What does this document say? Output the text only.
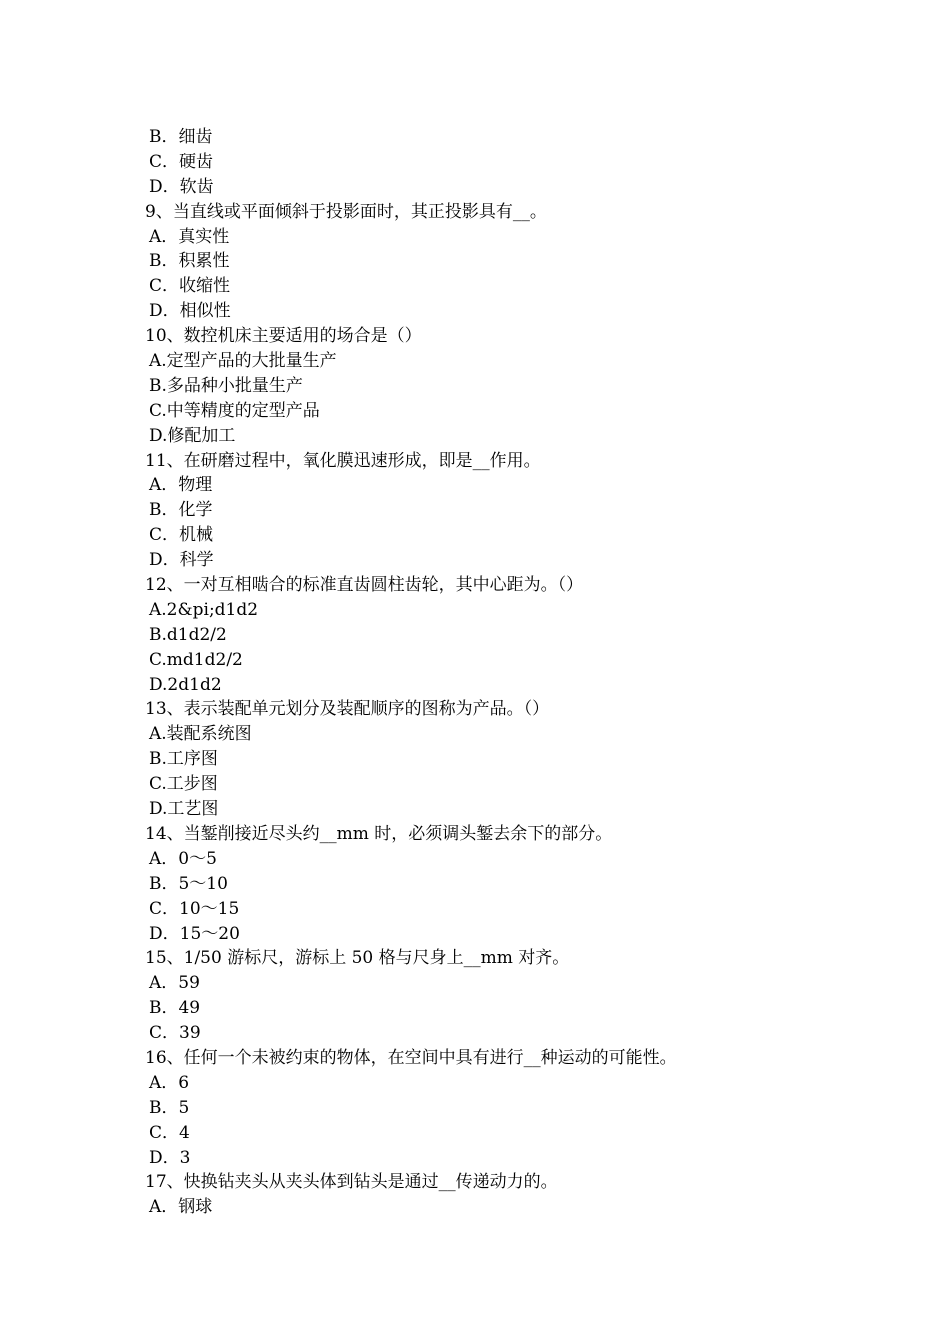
B．细齿
C．硬齿
D．软齿
9、当直线或平面倾斜于投影面时，其正投影具有__。
A．真实性
B．积累性
C．收缩性
D．相似性
10、数控机床主要适用的场合是（）
A.定型产品的大批量生产
B.多品种小批量生产
C.中等精度的定型产品
D.修配加工
11、在研磨过程中，氧化膜迅速形成，即是__作用。
A．物理
B．化学
C．机械
D．科学
12、一对互相啮合的标准直齿圆柱齿轮，其中心距为。（）
A.2&pi;d1d2
B.d1d2/2
C.md1d2/2
D.2d1d2
13、表示装配单元划分及装配顺序的图称为产品。（）
A.装配系统图
B.工序图
C.工步图
D.工艺图
14、当錾削接近尽头约__mm 时，必须调头錾去余下的部分。
A．0～5
B．5～10
C．10～15
D．15～20
15、1/50 游标尺，游标上 50 格与尺身上__mm 对齐。
A．59
B．49
C．39
16、任何一个未被约束的物体，在空间中具有进行__种运动的可能性。
A．6
B．5
C．4
D．3
17、快换钻夹头从夹头体到钻头是通过__传递动力的。
A．钢球
